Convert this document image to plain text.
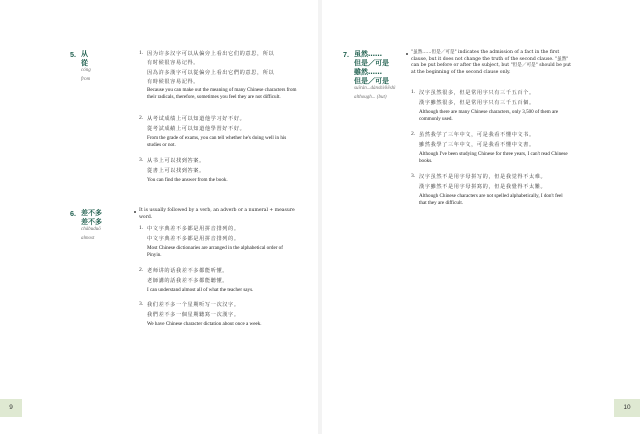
5. 从
從
cóng
from
1. 因为许多汉字可以从偏旁上看出它们的意思，所以
有时候很容易记得。
因為許多漢字可以從偏旁上看出它們的意思，所以
有時候很容易記得。
Because you can make out the meaning of many Chinese characters from their radicals, therefore, sometimes you feel they are not difficult.
2. 从考试成绩上可以知道他学习好不好。
從考試成績上可以知道他學習好不好。
From the grade of exams, you can tell whether he's doing well in his studies or not.
3. 从书上可以找到答案。
從書上可以找到答案。
You can find the answer from the book.
6. 差不多
差不多
chàbuduō
almost
It is usually followed by a verb, an adverb or a numeral + measure word.
1. 中文字典差不多都是用拼音排列的。
中文字典差不多都是用拼音排列的。
Most Chinese dictionaries are arranged in the alphabetical order of Pinyin.
2. 老师讲的话我差不多都能听懂。
老師講的話我差不多都能聽懂。
I can understand almost all of what the teacher says.
3. 我们差不多一个星期听写一次汉字。
我們差不多一個星期聽寫一次漢字。
We have Chinese character dictation about once a week.
7. 虽然……
但是／可是
雖然……
但是／可是
suīrán...dànshì/kěshì
although... (but)
"虽然……但是／可是" indicates the admission of a fact in the first clause, but it does not change the truth of the second clause. "虽然" can be put before or after the subject, but "但是／可是" should be put at the beginning of the second clause only.
1. 汉字虽然很多，但是常用字只有三千五百个。
漢字雖然很多，但是常用字只有三千五百個。
Although there are many Chinese characters, only 3,500 of them are commonly used.
2. 虽然我学了三年中文，可是我看不懂中文书。
雖然我學了三年中文，可是我看不懂中文書。
Although I've been studying Chinese for three years, I can't read Chinese books.
3. 汉字虽然不是用字母拼写的，但是我觉得不太难。
漢字雖然不是用字母拼寫的，但是我覺得不太難。
Although Chinese characters are not spelled alphabetically, I don't feel that they are difficult.
9	10
